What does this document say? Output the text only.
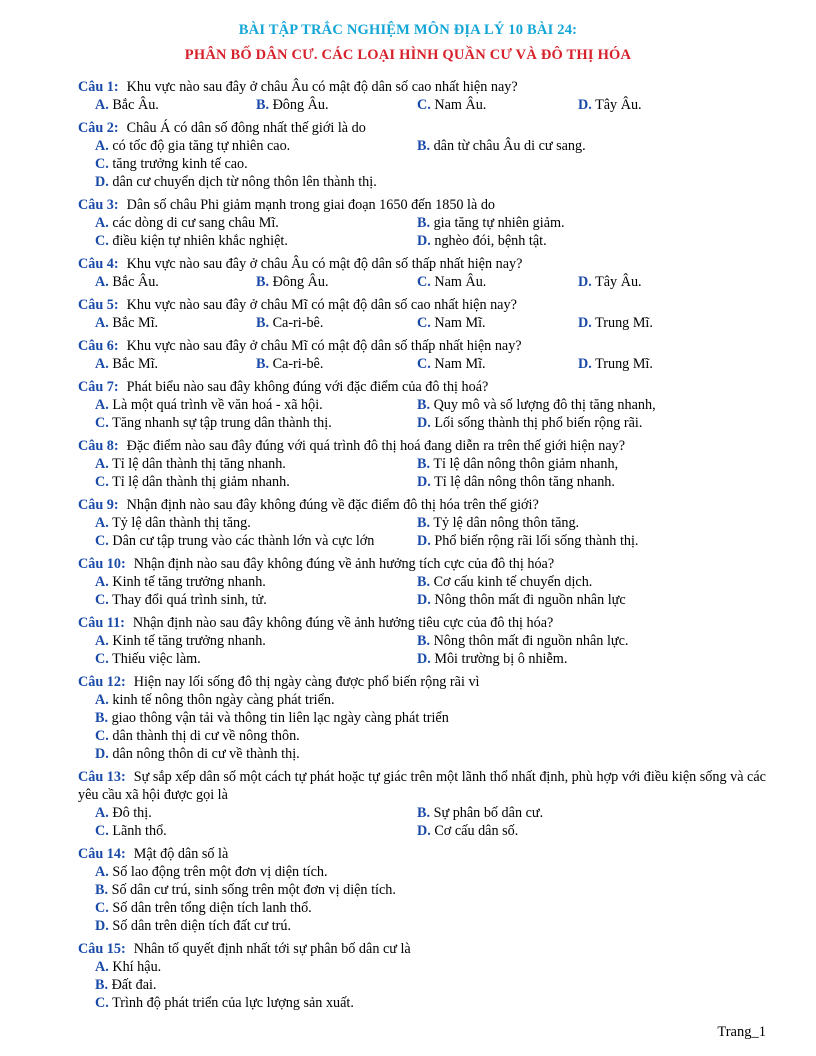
BÀI TẬP TRẮC NGHIỆM MÔN ĐỊA LÝ 10 BÀI 24:
PHÂN BỐ DÂN CƯ. CÁC LOẠI HÌNH QUẦN CƯ VÀ ĐÔ THỊ HÓA
Câu 1: Khu vực nào sau đây ở châu Âu có mật độ dân số cao nhất hiện nay?
A. Bắc Âu.	B. Đông Âu.	C. Nam Âu.	D. Tây Âu.
Câu 2: Châu Á có dân số đông nhất thế giới là do
A. có tốc độ gia tăng tự nhiên cao.	B. dân từ châu Âu di cư sang.
C. tăng trưởng kinh tế cao.
D. dân cư chuyển dịch từ nông thôn lên thành thị.
Câu 3: Dân số châu Phi giảm mạnh trong giai đoạn 1650 đến 1850 là do
A. các dòng di cư sang châu Mĩ.	B. gia tăng tự nhiên giảm.
C. điều kiện tự nhiên khắc nghiệt.	D. nghèo đói, bệnh tật.
Câu 4: Khu vực nào sau đây ở châu Âu có mật độ dân số thấp nhất hiện nay?
A. Bắc Âu.	B. Đông Âu.	C. Nam Âu.	D. Tây Âu.
Câu 5: Khu vực nào sau đây ở châu Mĩ có mật độ dân số cao nhất hiện nay?
A. Bắc Mĩ.	B. Ca-ri-bê.	C. Nam Mĩ.	D. Trung Mĩ.
Câu 6: Khu vực nào sau đây ở châu Mĩ có mật độ dân số thấp nhất hiện nay?
A. Bắc Mĩ.	B. Ca-ri-bê.	C. Nam Mĩ.	D. Trung Mĩ.
Câu 7: Phát biểu nào sau đây không đúng với đặc điểm của đô thị hoá?
A. Là một quá trình về văn hoá - xã hội.	B. Quy mô và số lượng đô thị tăng nhanh,
C. Tăng nhanh sự tập trung dân thành thị.	D. Lối sống thành thị phổ biến rộng rãi.
Câu 8: Đặc điểm nào sau đây đúng với quá trình đô thị hoá đang diễn ra trên thế giới hiện nay?
A. Tỉ lệ dân thành thị tăng nhanh.	B. Tỉ lệ dân nông thôn giảm nhanh,
C. Tỉ lệ dân thành thị giảm nhanh.	D. Tỉ lệ dân nông thôn tăng nhanh.
Câu 9: Nhận định nào sau đây không đúng về đặc điểm đô thị hóa trên thế giới?
A. Tỷ lệ dân thành thị tăng.	B. Tỷ lệ dân nông thôn tăng.
C. Dân cư tập trung vào các thành lớn và cực lớn	D. Phổ biến rộng rãi lối sống thành thị.
Câu 10: Nhận định nào sau đây không đúng về ảnh hưởng tích cực của đô thị hóa?
A. Kinh tế tăng trưởng nhanh.	B. Cơ cấu kinh tế chuyển dịch.
C. Thay đổi quá trình sinh, tử.	D. Nông thôn mất đi nguồn nhân lực
Câu 11: Nhận định nào sau đây không đúng về ảnh hưởng tiêu cực của đô thị hóa?
A. Kinh tế tăng trưởng nhanh.	B. Nông thôn mất đi nguồn nhân lực.
C. Thiếu việc làm.	D. Môi trường bị ô nhiễm.
Câu 12: Hiện nay lối sống đô thị ngày càng được phổ biến rộng rãi vì
A. kinh tế nông thôn ngày càng phát triển.
B. giao thông vận tải và thông tin liên lạc ngày càng phát triển
C. dân thành thị di cư về nông thôn.
D. dân nông thôn di cư về thành thị.
Câu 13: Sự sắp xếp dân số một cách tự phát hoặc tự giác trên một lãnh thổ nhất định, phù hợp với điều kiện sống và các yêu cầu xã hội được gọi là
A. Đô thị.	B. Sự phân bố dân cư.
C. Lãnh thổ.	D. Cơ cấu dân số.
Câu 14: Mật độ dân số là
A. Số lao động trên một đơn vị diện tích.
B. Số dân cư trú, sinh sống trên một đơn vị diện tích.
C. Số dân trên tổng diện tích lanh thổ.
D. Số dân trên diện tích đất cư trú.
Câu 15: Nhân tố quyết định nhất tới sự phân bố dân cư là
A. Khí hậu.
B. Đất đai.
C. Trình độ phát triển của lực lượng sản xuất.
Trang_1
